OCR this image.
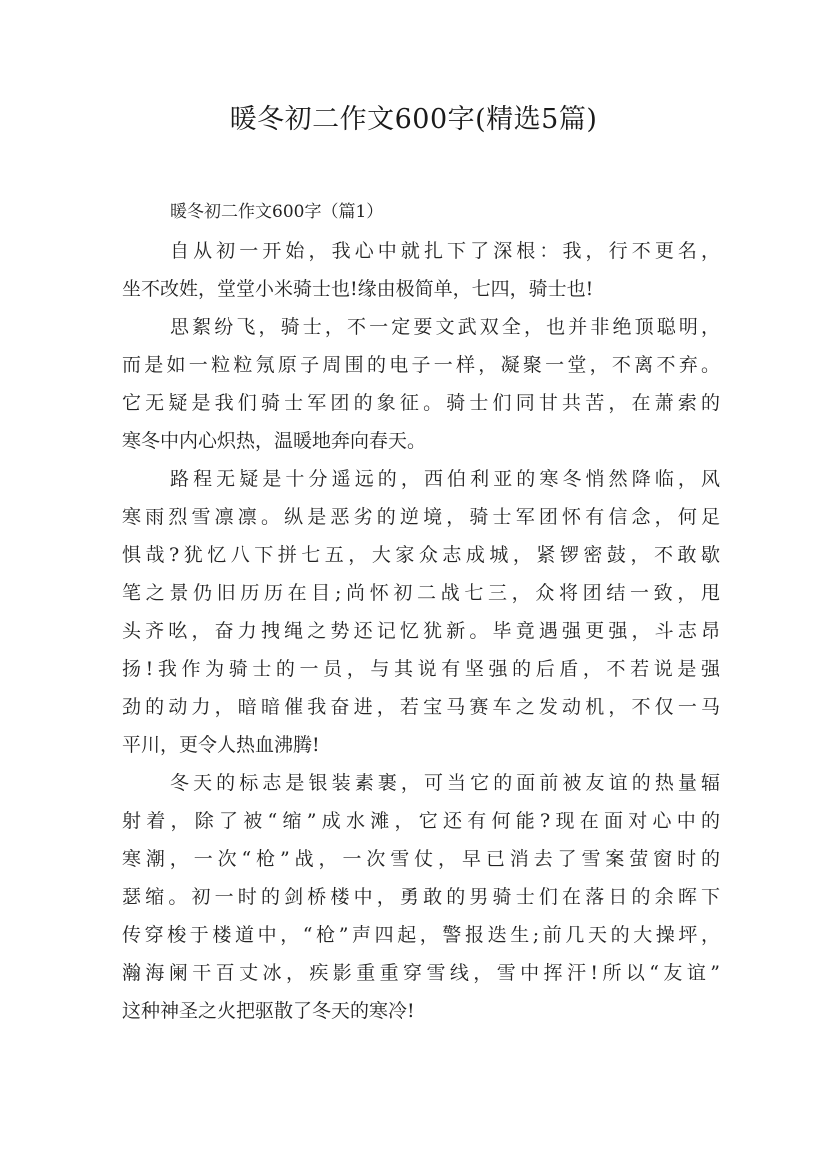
暖冬初二作文600字(精选5篇)
暖冬初二作文600字（篇1）
自从初一开始，我心中就扎下了深根：我，行不更名，
坐不改姓，堂堂小米骑士也!缘由极简单，七四，骑士也!
思絮纷飞，骑士，不一定要文武双全，也并非绝顶聪明，
而是如一粒粒氖原子周围的电子一样，凝聚一堂，不离不弃。
它无疑是我们骑士军团的象征。骑士们同甘共苦，在萧索的
寒冬中内心炽热，温暖地奔向春天。
路程无疑是十分遥远的，西伯利亚的寒冬悄然降临，风
寒雨烈雪凛凛。纵是恶劣的逆境，骑士军团怀有信念，何足
惧哉?犹忆八下拼七五，大家众志成城，紧锣密鼓，不敢歇
笔之景仍旧历历在目;尚怀初二战七三，众将团结一致，甩
头齐吆，奋力拽绳之势还记忆犹新。毕竟遇强更强，斗志昂
扬!我作为骑士的一员，与其说有坚强的后盾，不若说是强
劲的动力，暗暗催我奋进，若宝马赛车之发动机，不仅一马
平川，更令人热血沸腾!
冬天的标志是银装素裹，可当它的面前被友谊的热量辐
射着，除了被“缩”成水滩，它还有何能?现在面对心中的
寒潮，一次“枪”战，一次雪仗，早已消去了雪案萤窗时的
瑟缩。初一时的剑桥楼中，勇敢的男骑士们在落日的余晖下
传穿梭于楼道中，“枪”声四起，警报迭生;前几天的大操坪，
瀚海阑干百丈冰，疾影重重穿雪线，雪中挥汗!所以“友谊”
这种神圣之火把驱散了冬天的寒冷!
